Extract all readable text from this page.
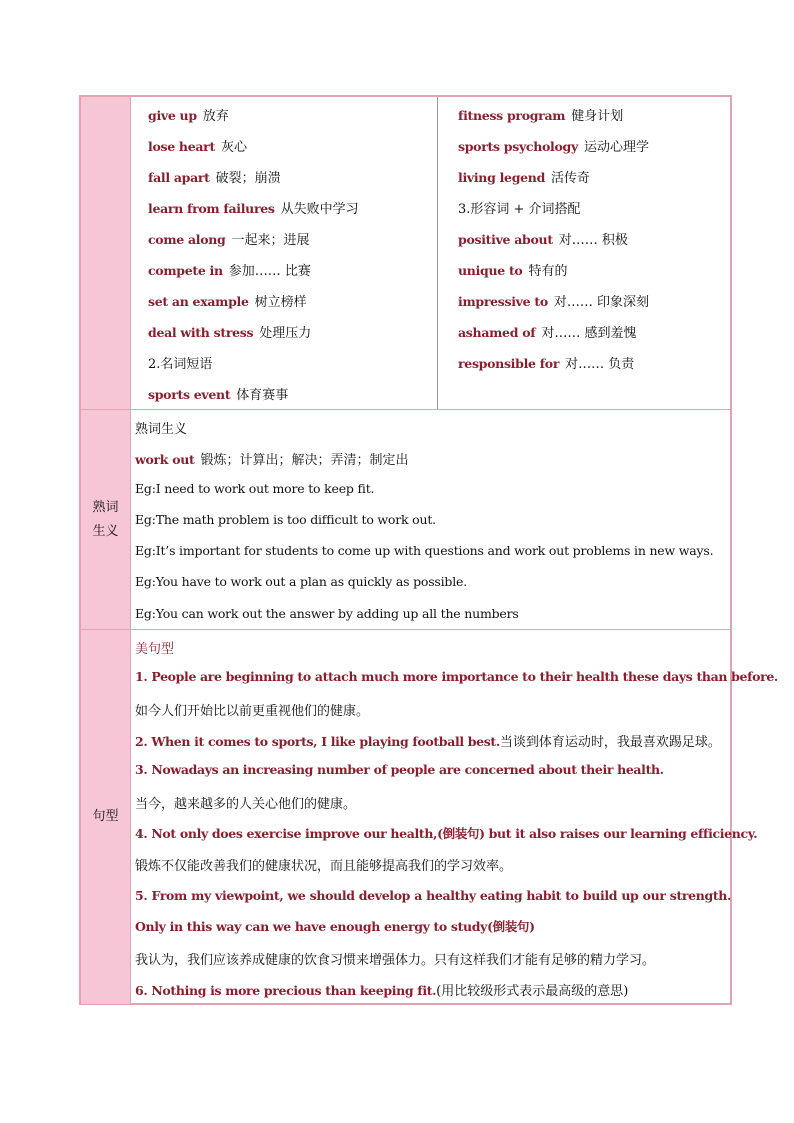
give up 放弃
lose heart 灰心
fall apart 破裂；崩溃
learn from failures 从失败中学习
come along 一起来；进展
compete in 参加…… 比赛
set an example 树立榜样
deal with stress 处理压力
2.名词短语
sports event 体育赛事
fitness program 健身计划
sports psychology 运动心理学
living legend 活传奇
3.形容词 + 介词搭配
positive about 对…… 积极
unique to 特有的
impressive to 对…… 印象深刻
ashamed of 对…… 感到羞愧
responsible for 对…… 负责
熟词
生义
熟词生义
work out 锻炼；计算出；解决；弄清；制定出
Eg:I need to work out more to keep fit.
Eg:The math problem is too difficult to work out.
Eg:It’s important for students to come up with questions and work out problems in new ways.
Eg:You have to work out a plan as quickly as possible.
Eg:You can work out the answer by adding up all the numbers
句型
美句型
1. People are beginning to attach much more importance to their health these days than before.
如今人们开始比以前更重视他们的健康。
2. When it comes to sports, I like playing football best.当谈到体育运动时，我最喜欢踢足球。
3. Nowadays an increasing number of people are concerned about their health.
当今，越来越多的人关心他们的健康。
4. Not only does exercise improve our health,(倒装句) but it also raises our learning efficiency.
锻炼不仅能改善我们的健康状况，而且能够提高我们的学习效率。
5. From my viewpoint, we should develop a healthy eating habit to build up our strength. Only in this way can we have enough energy to study(倒装句)
我认为，我们应该养成健康的饮食习惯来增强体力。只有这样我们才能有足够的精力学习。
6. Nothing is more precious than keeping fit.(用比较级形式表示最高级的意思)
